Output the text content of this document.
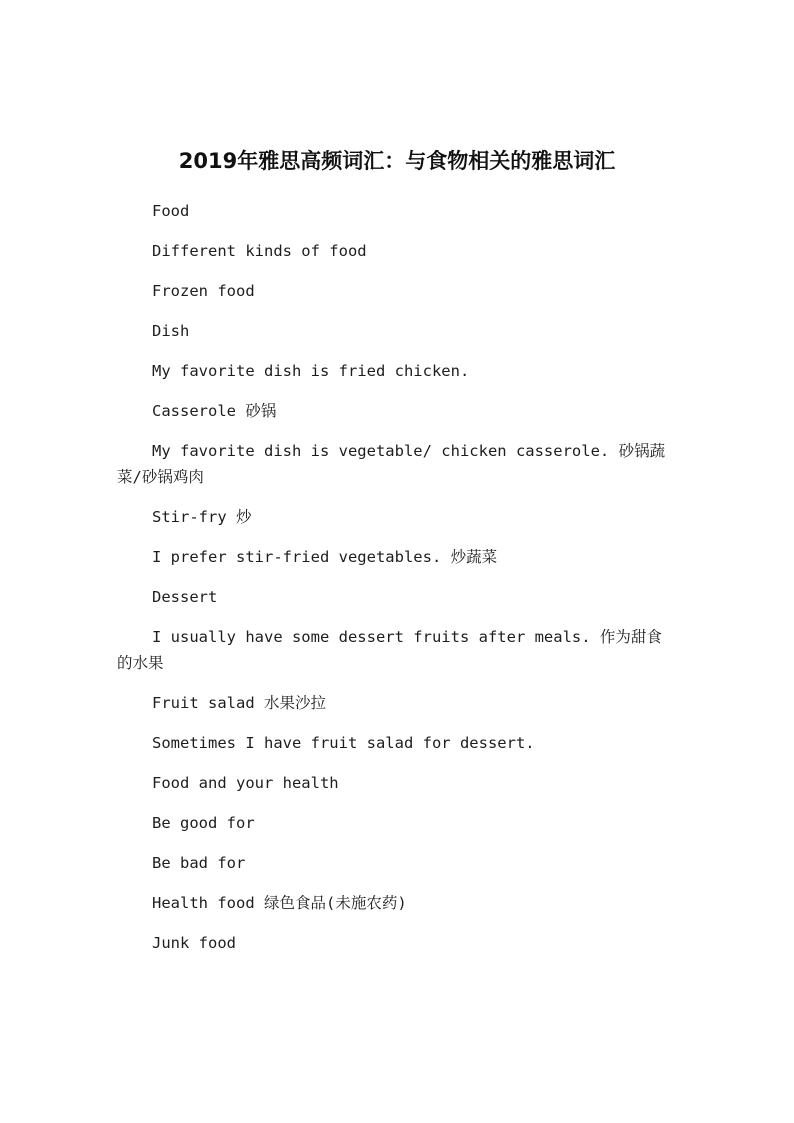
2019年雅思高频词汇：与食物相关的雅思词汇

Food

Different kinds of food

Frozen food

Dish

My favorite dish is fried chicken.

Casserole 砂锅

My favorite dish is vegetable/ chicken casserole. 砂锅蔬菜/砂锅鸡肉

Stir-fry 炒

I prefer stir-fried vegetables. 炒蔬菜

Dessert

I usually have some dessert fruits after meals. 作为甜食的水果

Fruit salad 水果沙拉

Sometimes I have fruit salad for dessert.

Food and your health

Be good for

Be bad for

Health food 绿色食品(未施农药)

Junk food
